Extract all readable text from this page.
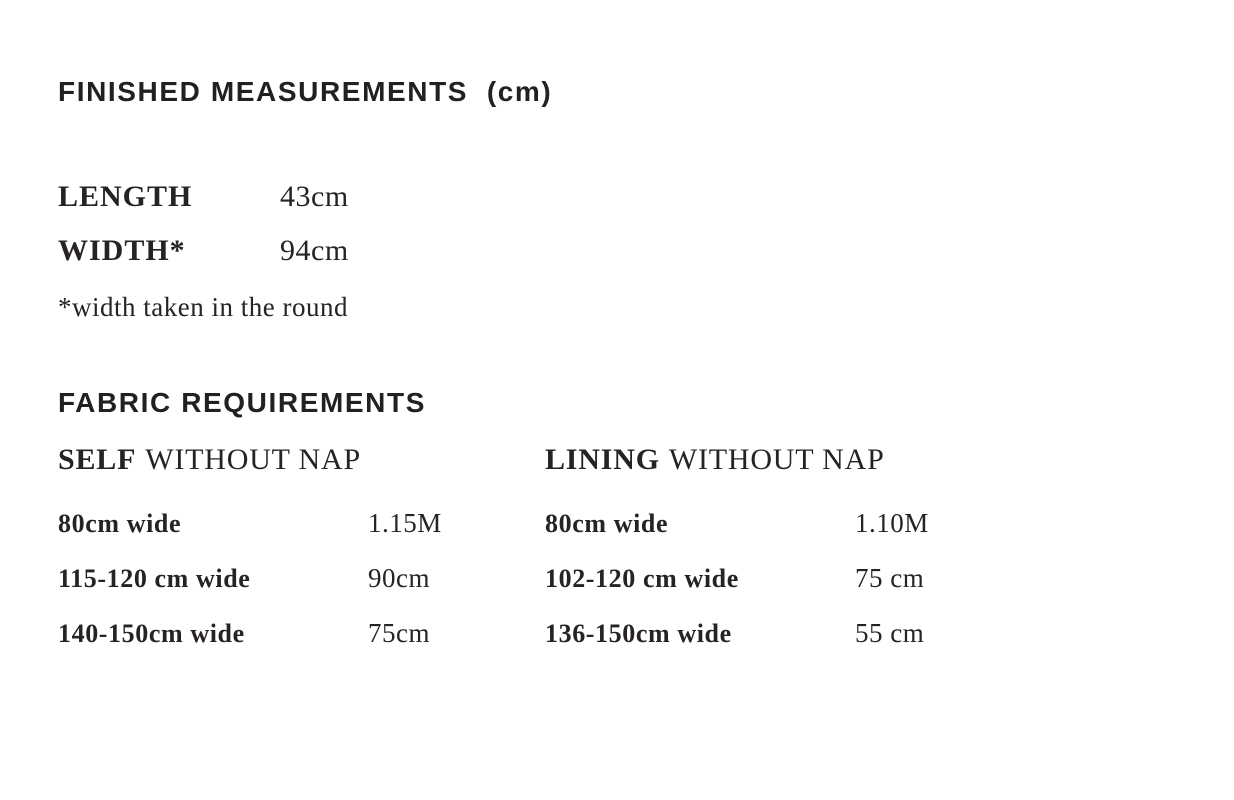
FINISHED MEASUREMENTS  (cm)
LENGTH	43cm
WIDTH*	94cm

*width taken in the round

FABRIC REQUIREMENTS
SELF WITHOUT NAP
80cm wide	1.15M
115-120 cm wide	90cm
140-150cm wide	75cm
LINING WITHOUT NAP
80cm wide	1.10M
102-120 cm wide	75 cm
136-150cm wide	55 cm
